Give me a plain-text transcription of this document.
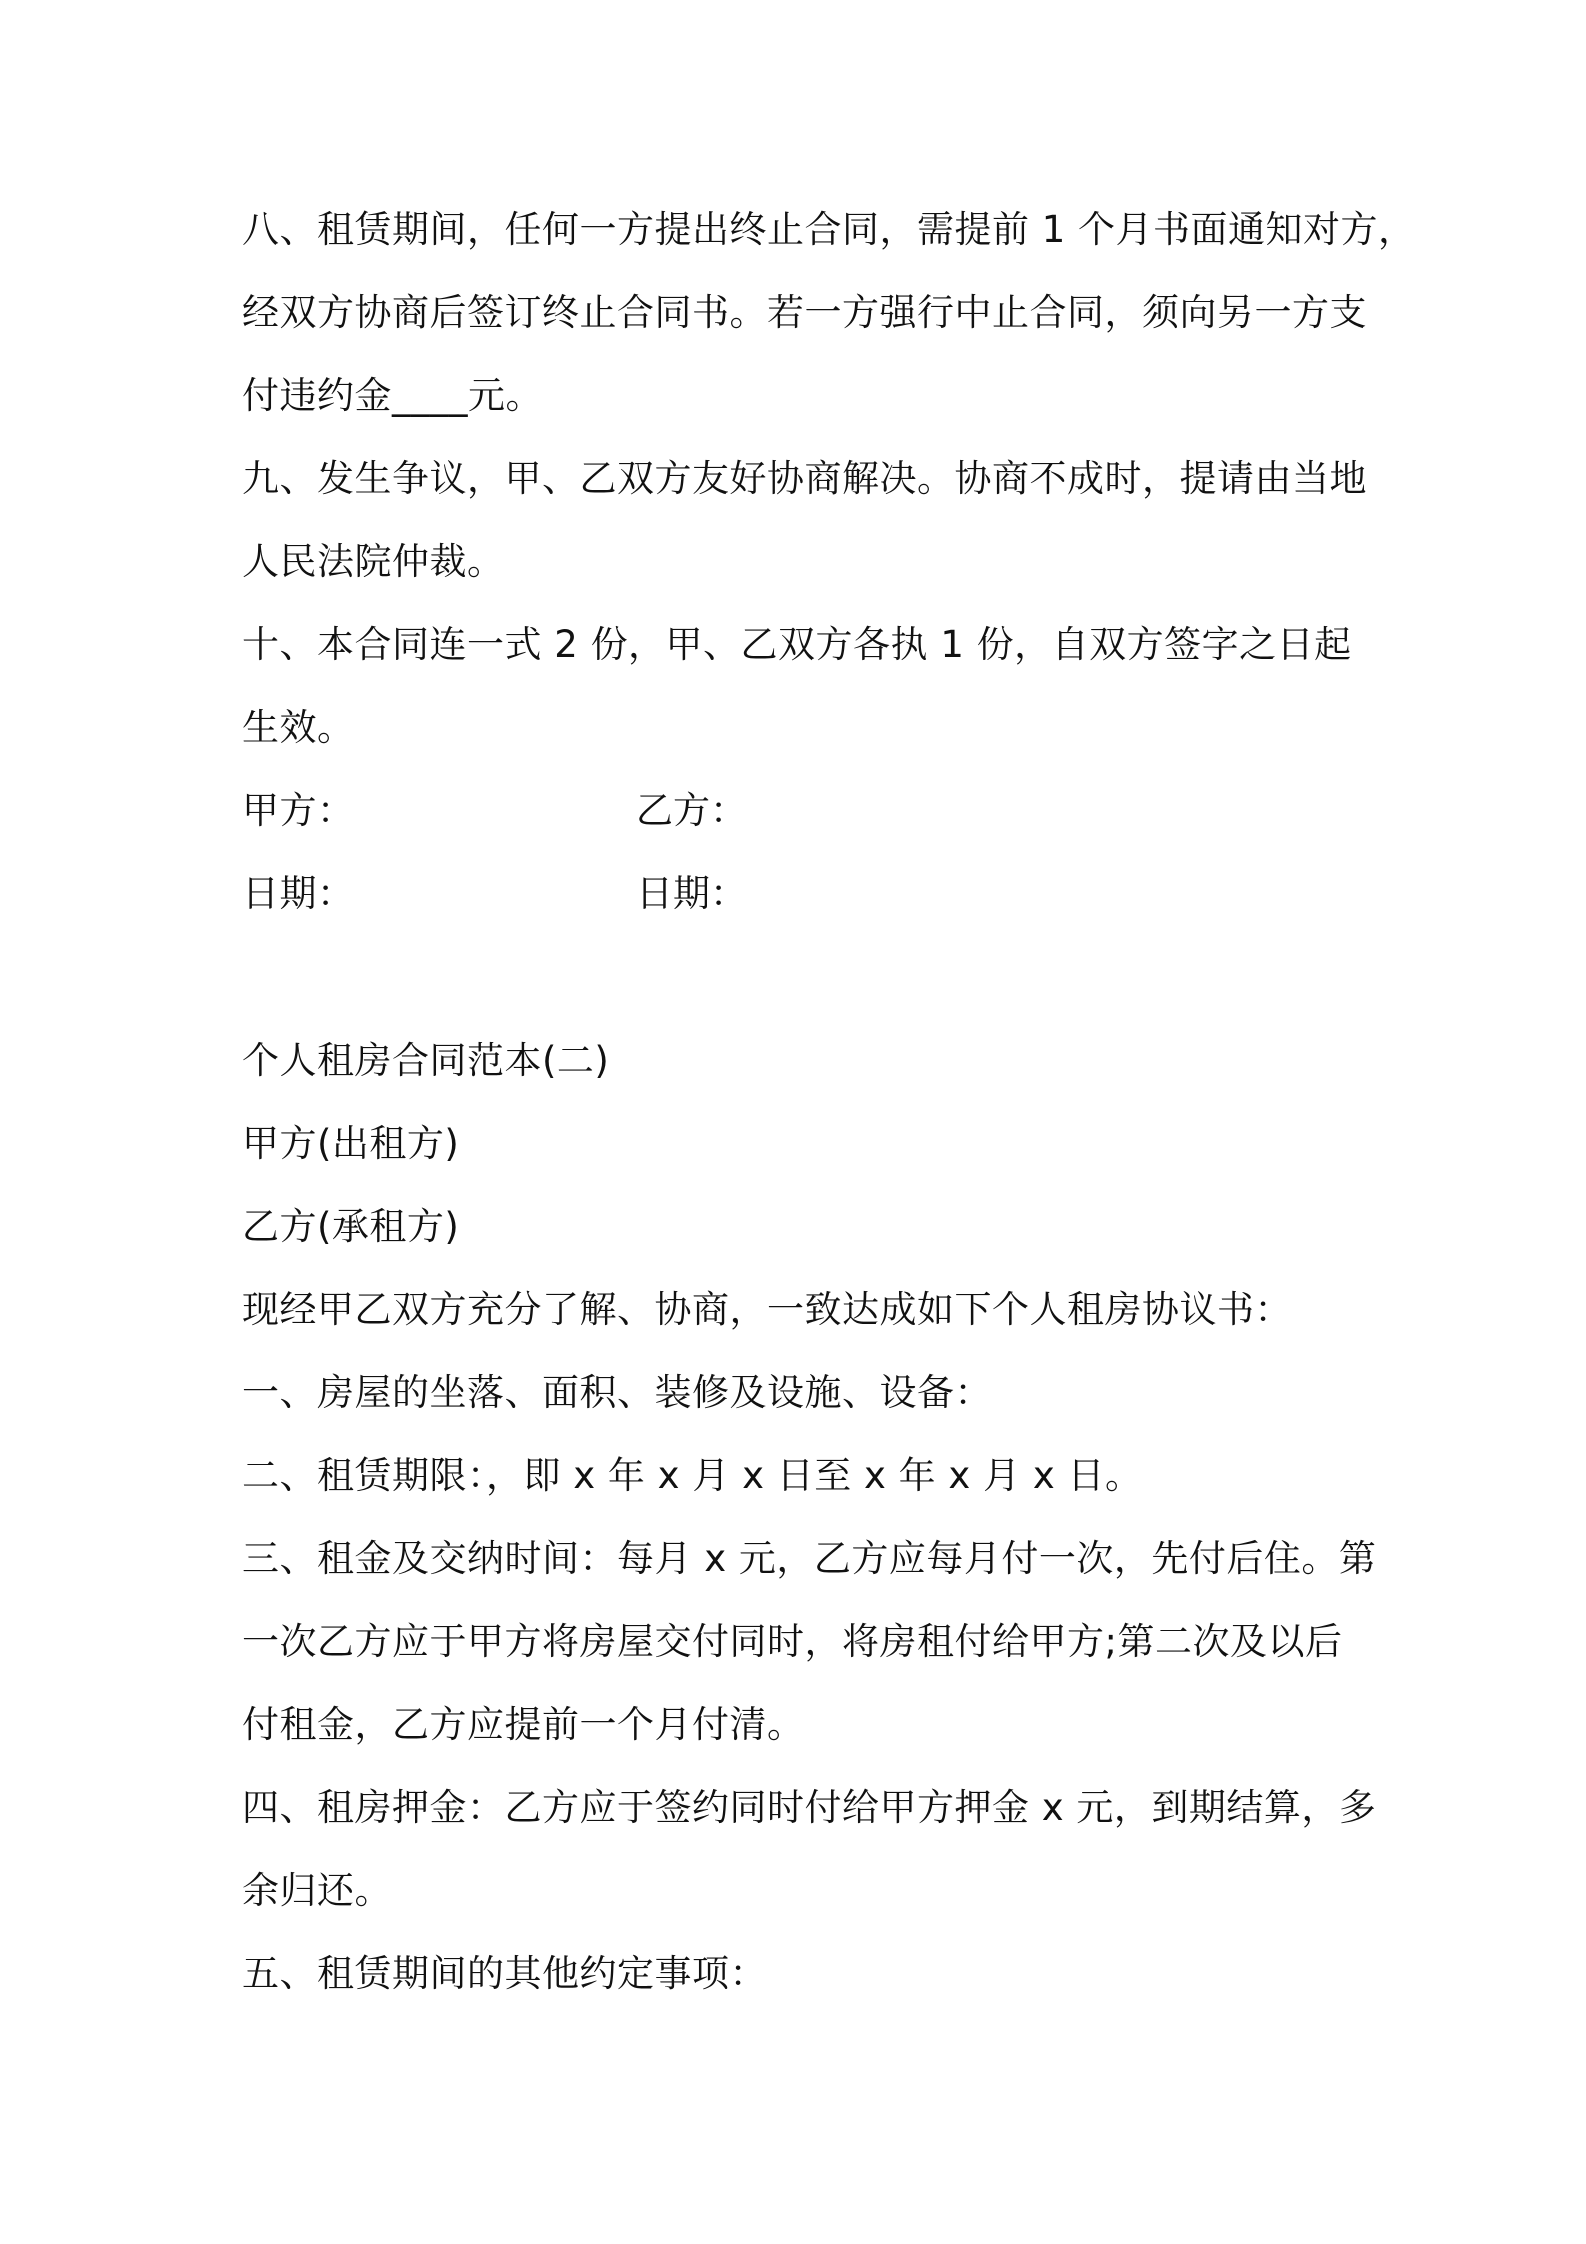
八、租赁期间，任何一方提出终止合同，需提前 1 个月书面通知对方，
经双方协商后签订终止合同书。若一方强行中止合同，须向另一方支
付违约金____元。
九、发生争议，甲、乙双方友好协商解决。协商不成时，提请由当地
人民法院仲裁。
十、本合同连一式 2 份，甲、乙双方各执 1 份，自双方签字之日起
生效。
甲方：	乙方：
日期：	日期：
个人租房合同范本(二)
甲方(出租方)
乙方(承租方)
现经甲乙双方充分了解、协商，一致达成如下个人租房协议书：
一、房屋的坐落、面积、装修及设施、设备：
二、租赁期限：，即 x 年 x 月 x 日至 x 年 x 月 x 日。
三、租金及交纳时间：每月 x 元，乙方应每月付一次，先付后住。第
一次乙方应于甲方将房屋交付同时，将房租付给甲方;第二次及以后
付租金，乙方应提前一个月付清。
四、租房押金：乙方应于签约同时付给甲方押金 x 元，到期结算，多
余归还。
五、租赁期间的其他约定事项：
